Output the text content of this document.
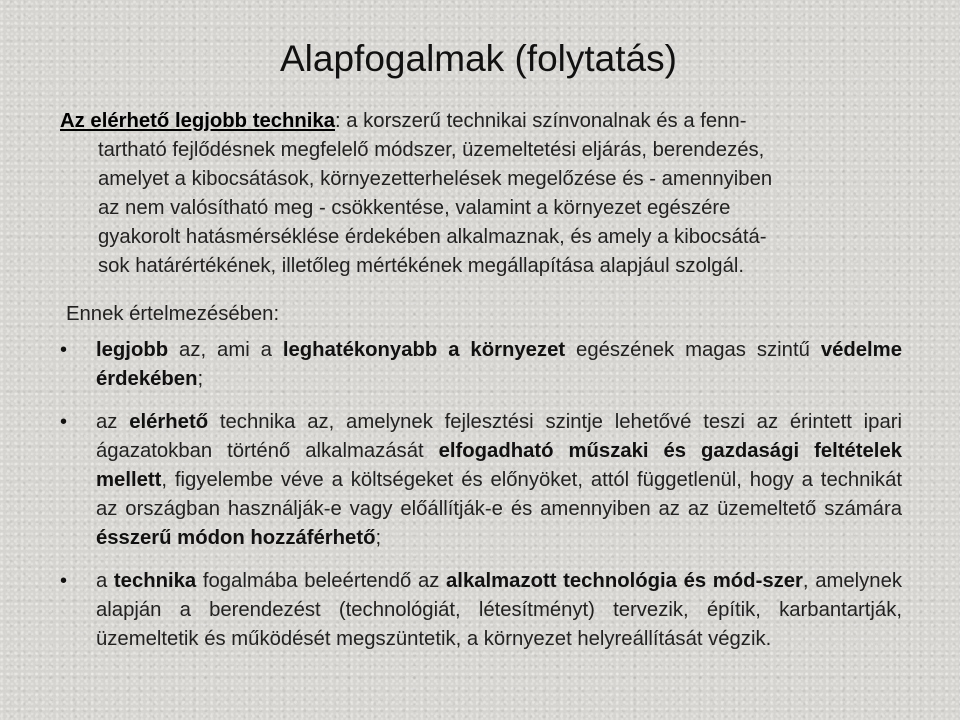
Alapfogalmak (folytatás)

Az elérhető legjobb technika: a korszerű technikai színvonalnak és a fenn-
tartható fejlődésnek megfelelő módszer, üzemeltetési eljárás, berendezés,
amelyet a kibocsátások, környezetterhelések megelőzése és - amennyiben
az nem valósítható meg - csökkentése, valamint a környezet egészére
gyakorolt hatásmérséklése érdekében alkalmaznak, és amely a kibocsátá-
sok határértékének, illetőleg mértékének megállapítása alapjául szolgál.

Ennek értelmezésében:

• legjobb az, ami a leghatékonyabb a környezet egészének magas szintű védelme érdekében;
• az elérhető technika az, amelynek fejlesztési szintje lehetővé teszi az érintett ipari ágazatokban történő alkalmazását elfogadható műszaki és gazdasági feltételek mellett, figyelembe véve a költségeket és előnyöket, attól függetlenül, hogy a technikát az országban használják-e vagy előállítják-e és amennyiben az az üzemeltető számára ésszerű módon hozzáférhető;
• a technika fogalmába beleértendő az alkalmazott technológia és mód-szer, amelynek alapján a berendezést (technológiát, létesítményt) tervezik, építik, karbantartják, üzemeltetik és működését megszüntetik, a környezet helyreállítását végzik.
